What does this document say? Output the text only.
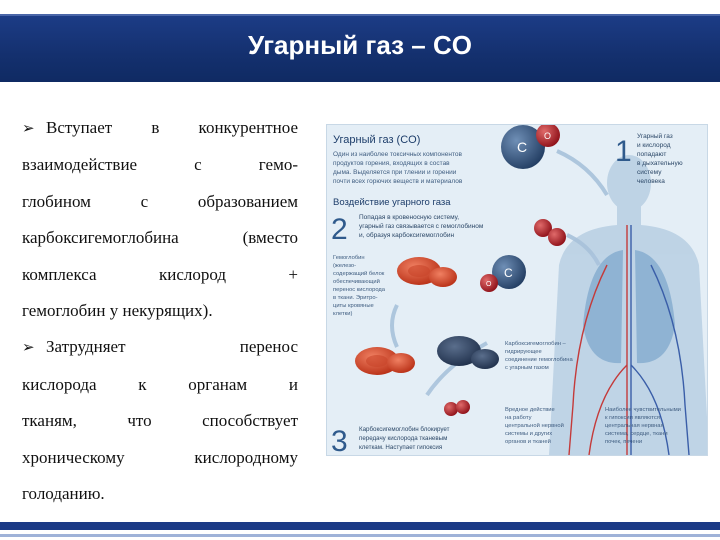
Угарный газ – CO
➢ Вступает в конкурентное
взаимодействие с гемо-
глобином с образованием
карбоксигемоглобина (вместо
комплекса кислород +
гемоглобин у некурящих).
➢ Затрудняет перенос
кислорода к органам и
тканям, что способствует
хроническому кислородному
голоданию.
Угарный газ (CO)
Один из наиболее токсичных компонентов
продуктов горения, входящих в состав
дыма. Выделяется при тлении и горении
почти всех горючих веществ и материалов
Воздействие угарного газа
1 Угарный газ
и кислород
попадают
в дыхательную
систему
человека
2 Попадая в кровеносную систему,
угарный газ связывается с гемоглобином
и, образуя карбоксигемоглобин
Гемоглобин
(железо-
содержащий белок
обеспечивающий
перенос кислорода
в ткани. Эритро-
циты кровяные
клетки)
Карбоксигемоглобин –
гидрирующее
соединение гемоглобина
с угарным газом
3 Карбоксигемоглобин блокирует
передачу кислорода тканевым
клеткам. Наступает гипоксия
Вредное действие
на работу
центральной нервной
системы и других
органов и тканей
Наиболее чувствительными
к гипоксии являются
центральная нервная
система, сердце, ткани
почек, печени
C
O
C
O
